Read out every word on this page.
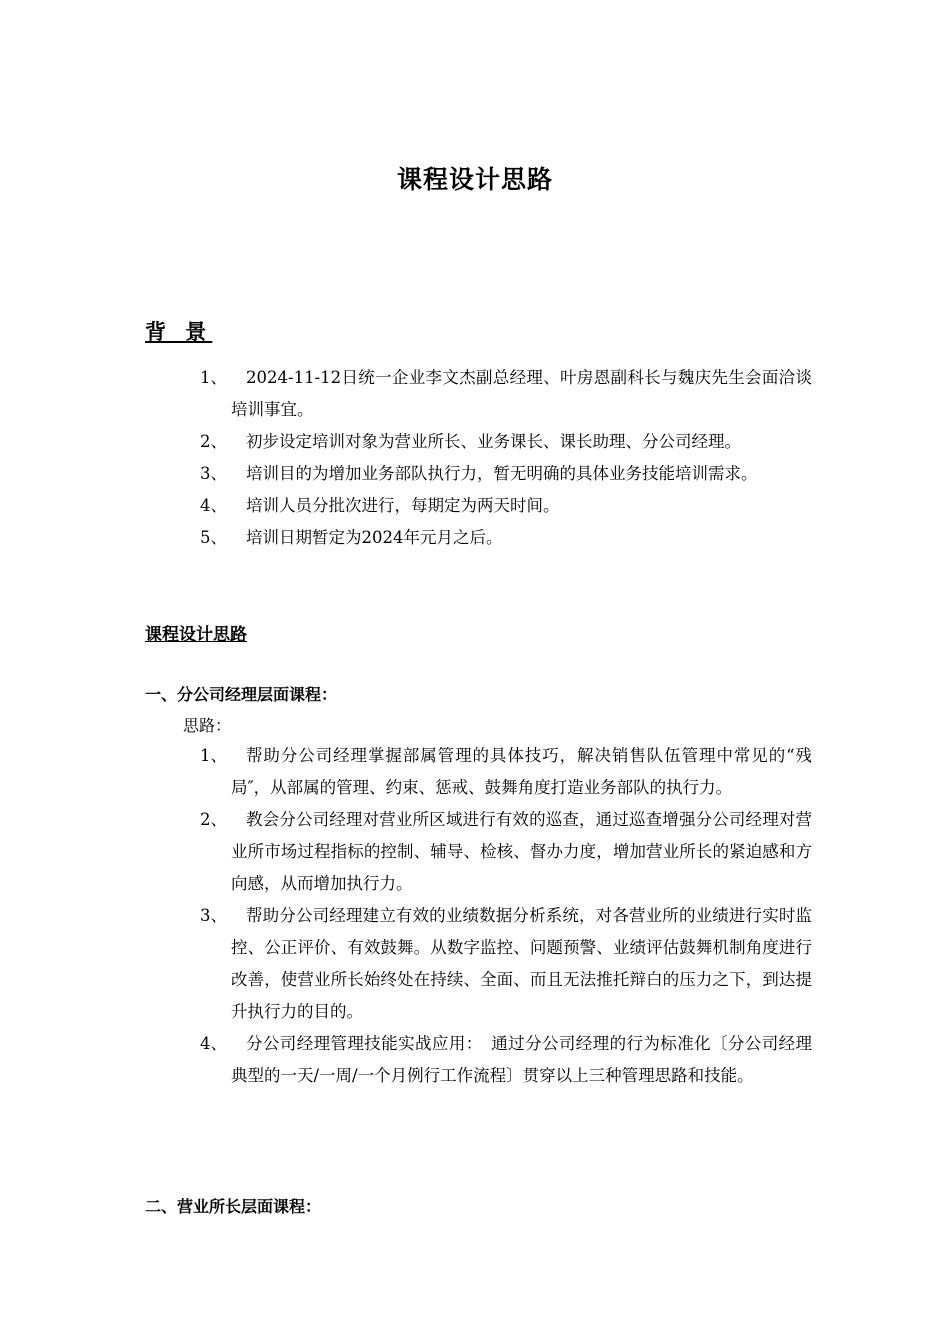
课程设计思路
背 景
1、	2024-11-12日统一企业李文杰副总经理、叶房恩副科长与魏庆先生会面洽谈培训事宜。
2、	初步设定培训对象为营业所长、业务课长、课长助理、分公司经理。
3、	培训目的为增加业务部队执行力，暂无明确的具体业务技能培训需求。
4、	培训人员分批次进行，每期定为两天时间。
5、	培训日期暂定为2024年元月之后。
课程设计思路
一、分公司经理层面课程：
思路：
1、	帮助分公司经理掌握部属管理的具体技巧，解决销售队伍管理中常见的“残局″，从部属的管理、约束、惩戒、鼓舞角度打造业务部队的执行力。
2、	教会分公司经理对营业所区域进行有效的巡查，通过巡查增强分公司经理对营业所市场过程指标的控制、辅导、检核、督办力度，增加营业所长的紧迫感和方向感，从而增加执行力。
3、	帮助分公司经理建立有效的业绩数据分析系统，对各营业所的业绩进行实时监控、公正评价、有效鼓舞。从数字监控、问题预警、业绩评估鼓舞机制角度进行改善，使营业所长始终处在持续、全面、而且无法推托辩白的压力之下，到达提升执行力的目的。
4、	分公司经理管理技能实战应用：　通过分公司经理的行为标准化〔分公司经理典型的一天/一周/一个月例行工作流程〕贯穿以上三种管理思路和技能。
二、营业所长层面课程：
